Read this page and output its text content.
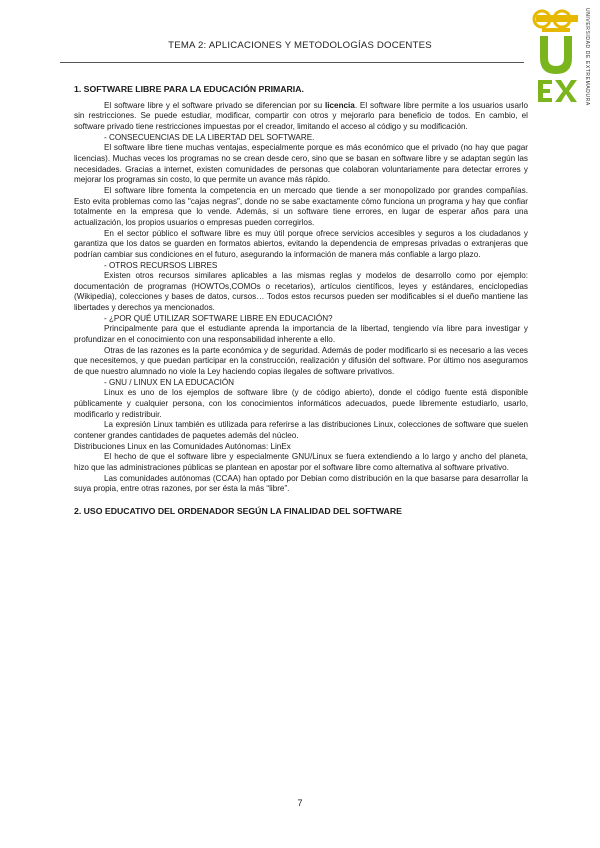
TEMA 2: APLICACIONES Y METODOLOGÍAS DOCENTES	UNIVERSIDAD DE EXTREMADURA
1. SOFTWARE LIBRE PARA LA EDUCACIÓN PRIMARIA.

El software libre y el software privado se diferencian por su licencia. El software libre permite a los usuarios usarlo sin restricciones. Se puede estudiar, modificar, compartir con otros y mejorarlo para beneficio de todos. En cambio, el software privado tiene restricciones impuestas por el creador, limitando el acceso al código y su modificación.

- CONSECUENCIAS DE LA LIBERTAD DEL SOFTWARE.

El software libre tiene muchas ventajas, especialmente porque es más económico que el privado (no hay que pagar licencias). Muchas veces los programas no se crean desde cero, sino que se basan en software libre y se adaptan según las necesidades. Gracias a internet, existen comunidades de personas que colaboran voluntariamente para detectar errores y mejorar los programas sin costo, lo que permite un avance más rápido.

El software libre fomenta la competencia en un mercado que tiende a ser monopolizado por grandes compañías. Esto evita problemas como las "cajas negras", donde no se sabe exactamente cómo funciona un programa y hay que confiar totalmente en la empresa que lo vende. Además, si un software tiene errores, en lugar de esperar años para una actualización, los propios usuarios o empresas pueden corregirlos.

En el sector público el software libre es muy útil porque ofrece servicios accesibles y seguros a los ciudadanos y garantiza que los datos se guarden en formatos abiertos, evitando la dependencia de empresas privadas o extranjeras que podrían cambiar sus condiciones en el futuro, asegurando la información de manera más confiable a largo plazo.

- OTROS RECURSOS LIBRES

Existen otros recursos similares aplicables a las mismas reglas y modelos de desarrollo como por ejemplo: documentación de programas (HOWTOs,COMOs o recetarios), artículos científicos, leyes y estándares, enciclopedias (Wikipedia), colecciones y bases de datos, cursos… Todos estos recursos pueden ser modificables si el dueño mantiene las libertades y derechos ya mencionados.

- ¿POR QUÉ UTILIZAR SOFTWARE LIBRE EN EDUCACIÓN?

Principalmente para que el estudiante aprenda la importancia de la libertad, tengiendo vía libre para investigar y profundizar en el conocimiento con una responsabilidad inherente a ello.

Otras de las razones es la parte económica y de seguridad. Además de poder modificarlo si es necesario a las veces que necesitemos, y que puedan participar en la construcción, realización y difusión del software. Por último nos aseguramos de que nuestro alumnado no viole la Ley haciendo copias ilegales de software privativos.

- GNU / LINUX EN LA EDUCACIÓN

Linux es uno de los ejemplos de software libre (y de código abierto), donde el código fuente está disponible públicamente y cualquier persona, con los conocimientos informáticos adecuados, puede libremente estudiarlo, usarlo, modificarlo y redistribuir.

La expresión Linux también es utilizada para referirse a las distribuciones Linux, colecciones de software que suelen contener grandes cantidades de paquetes además del núcleo.

Distribuciones Linux en las Comunidades Autónomas: LinEx

El hecho de que el software libre y especialmente GNU/Linux se fuera extendiendo a lo largo y ancho del planeta, hizo que las administraciones públicas se plantean en apostar por el software libre como alternativa al software privativo.

Las comunidades autónomas (CCAA) han optado por Debian como distribución en la que basarse para desarrollar la suya propia, entre otras razones, por ser ésta la más “libre”.

2. USO EDUCATIVO DEL ORDENADOR SEGÚN LA FINALIDAD DEL SOFTWARE
7
